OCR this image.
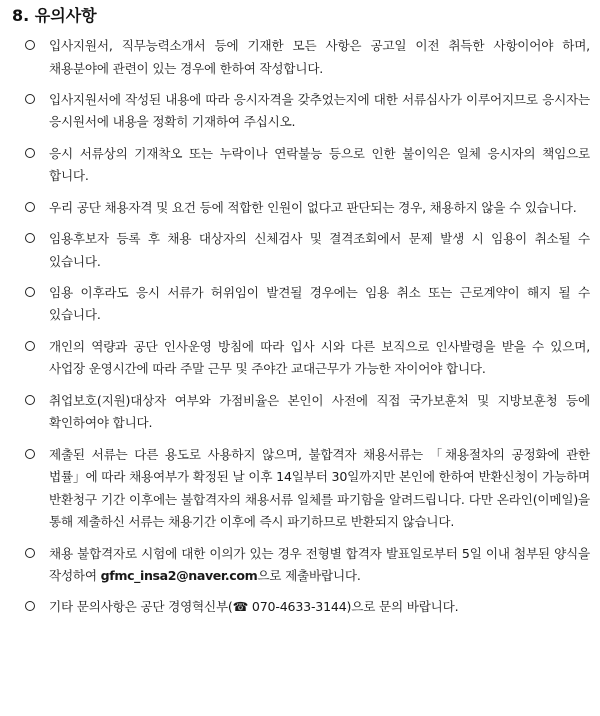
8. 유의사항
입사지원서, 직무능력소개서 등에 기재한 모든 사항은 공고일 이전 취득한 사항이어야 하며, 채용분야에 관련이 있는 경우에 한하여 작성합니다.
입사지원서에 작성된 내용에 따라 응시자격을 갖추었는지에 대한 서류심사가 이루어지므로 응시자는 응시원서에 내용을 정확히 기재하여 주십시오.
응시 서류상의 기재착오 또는 누락이나 연락불능 등으로 인한 불이익은 일체 응시자의 책임으로 합니다.
우리 공단 채용자격 및 요건 등에 적합한 인원이 없다고 판단되는 경우, 채용하지 않을 수 있습니다.
임용후보자 등록 후 채용 대상자의 신체검사 및 결격조회에서 문제 발생 시 임용이 취소될 수 있습니다.
임용 이후라도 응시 서류가 허위임이 발견될 경우에는 임용 취소 또는 근로계약이 해지 될 수 있습니다.
개인의 역량과 공단 인사운영 방침에 따라 입사 시와 다른 보직으로 인사발령을 받을 수 있으며, 사업장 운영시간에 따라 주말 근무 및 주야간 교대근무가 가능한 자이어야 합니다.
취업보호(지원)대상자 여부와 가점비율은 본인이 사전에 직접 국가보훈처 및 지방보훈청 등에 확인하여야 합니다.
제출된 서류는 다른 용도로 사용하지 않으며, 불합격자 채용서류는 「채용절차의 공정화에 관한 법률」에 따라 채용여부가 확정된 날 이후 14일부터 30일까지만 본인에 한하여 반환신청이 가능하며 반환청구 기간 이후에는 불합격자의 채용서류 일체를 파기함을 알려드립니다. 다만 온라인(이메일)을 통해 제출하신 서류는 채용기간 이후에 즉시 파기하므로 반환되지 않습니다.
채용 불합격자로 시험에 대한 이의가 있는 경우 전형별 합격자 발표일로부터 5일 이내 첨부된 양식을 작성하여 gfmc_insa2@naver.com으로 제출바랍니다.
기타 문의사항은 공단 경영혁신부(☎ 070-4633-3144)으로 문의 바랍니다.
